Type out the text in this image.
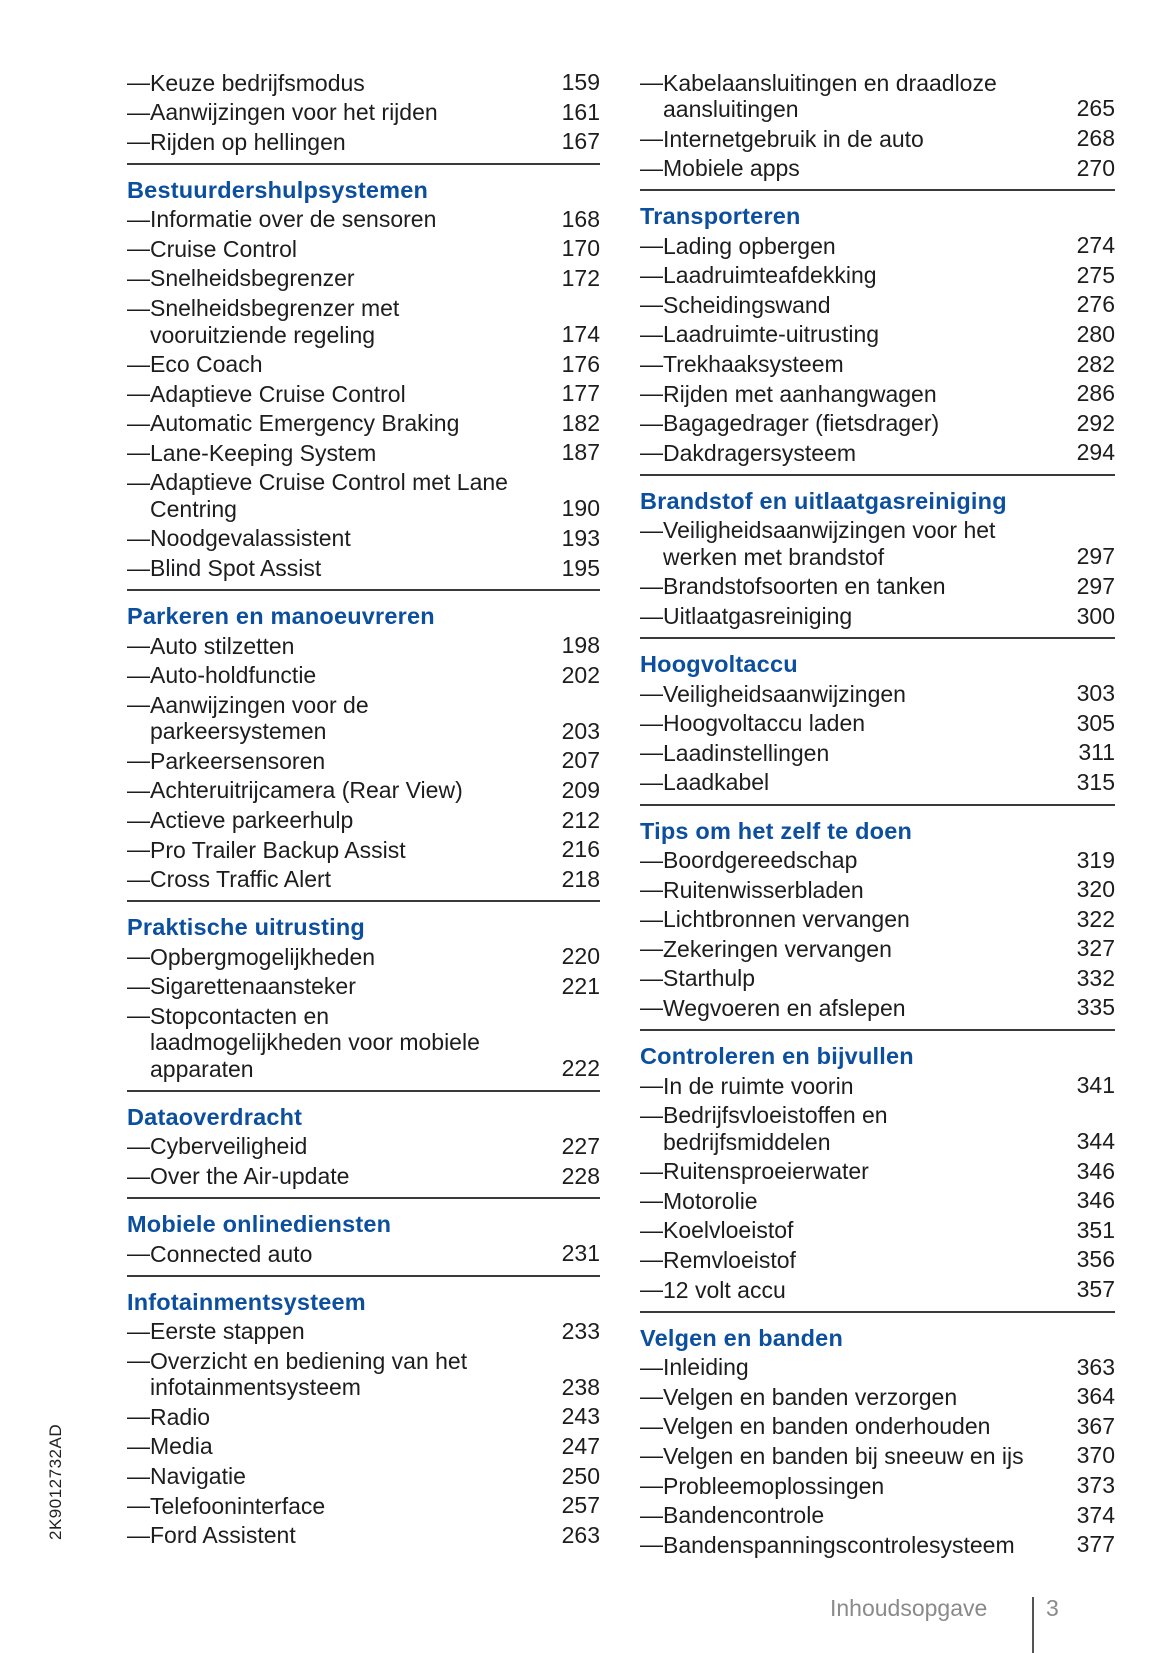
— Keuze bedrijfsmodus	159
— Aanwijzingen voor het rijden	161
— Rijden op hellingen	167
Bestuurdershulpsystemen
— Informatie over de sensoren	168
— Cruise Control	170
— Snelheidsbegrenzer	172
— Snelheidsbegrenzer met
vooruitziende regeling	174
— Eco Coach	176
— Adaptieve Cruise Control	177
— Automatic Emergency Braking	182
— Lane-Keeping System	187
— Adaptieve Cruise Control met Lane
Centring	190
— Noodgevalassistent	193
— Blind Spot Assist	195
Parkeren en manoeuvreren
— Auto stilzetten	198
— Auto-holdfunctie	202
— Aanwijzingen voor de
parkeersystemen	203
— Parkeersensoren	207
— Achteruitrijcamera (Rear View)	209
— Actieve parkeerhulp	212
— Pro Trailer Backup Assist	216
— Cross Traffic Alert	218
Praktische uitrusting
— Opbergmogelijkheden	220
— Sigarettenaansteker	221
— Stopcontacten en
laadmogelijkheden voor mobiele
apparaten	222
Dataoverdracht
— Cyberveiligheid	227
— Over the Air-update	228
Mobiele onlinediensten
— Connected auto	231
Infotainmentsysteem
— Eerste stappen	233
— Overzicht en bediening van het
infotainmentsysteem	238
— Radio	243
— Media	247
— Navigatie	250
— Telefooninterface	257
— Ford Assistent	263
— Kabelaansluitingen en draadloze
aansluitingen	265
— Internetgebruik in de auto	268
— Mobiele apps	270
Transporteren
— Lading opbergen	274
— Laadruimteafdekking	275
— Scheidingswand	276
— Laadruimte-uitrusting	280
— Trekhaaksysteem	282
— Rijden met aanhangwagen	286
— Bagagedrager (fietsdrager)	292
— Dakdragersysteem	294
Brandstof en uitlaatgasreiniging
— Veiligheidsaanwijzingen voor het
werken met brandstof	297
— Brandstofsoorten en tanken	297
— Uitlaatgasreiniging	300
Hoogvoltaccu
— Veiligheidsaanwijzingen	303
— Hoogvoltaccu laden	305
— Laadinstellingen	311
— Laadkabel	315
Tips om het zelf te doen
— Boordgereedschap	319
— Ruitenwisserbladen	320
— Lichtbronnen vervangen	322
— Zekeringen vervangen	327
— Starthulp	332
— Wegvoeren en afslepen	335
Controleren en bijvullen
— In de ruimte voorin	341
— Bedrijfsvloeistoffen en
bedrijfsmiddelen	344
— Ruitensproeierwater	346
— Motorolie	346
— Koelvloeistof	351
— Remvloeistof	356
— 12 volt accu	357
Velgen en banden
— Inleiding	363
— Velgen en banden verzorgen	364
— Velgen en banden onderhouden	367
— Velgen en banden bij sneeuw en ijs 370
— Probleemoplossingen	373
— Bandencontrole	374
— Bandenspanningscontrolesysteem	377
2K9012732AD
Inhoudsopgave	3
